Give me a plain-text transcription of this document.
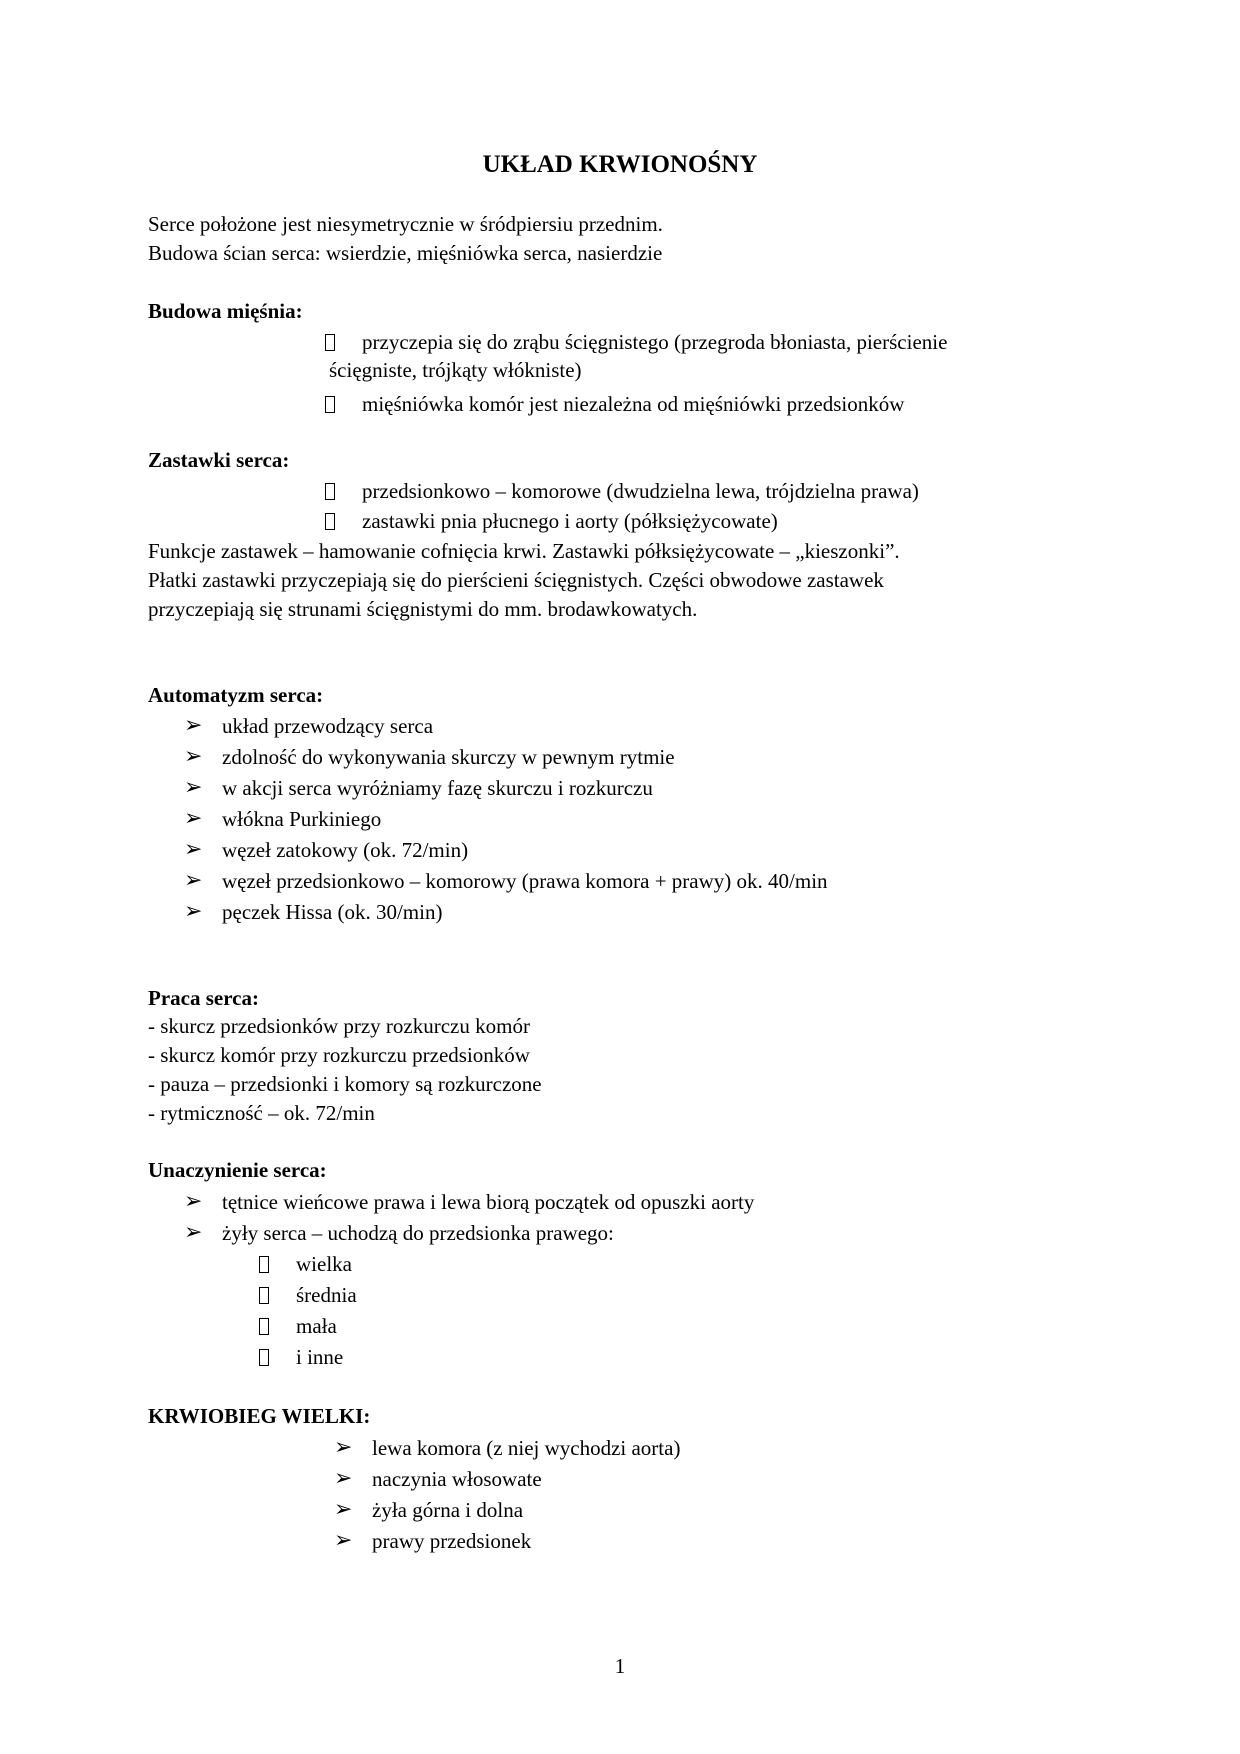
UKŁAD KRWIONOŚNY
Serce położone jest niesymetrycznie w śródpiersiu przednim.
Budowa ścian serca: wsierdzie, mięśniówka serca, nasierdzie
Budowa mięśnia:
przyczepia się do zrąbu ścięgnistego (przegroda błoniasta, pierścienie
ścięgniste, trójkąty włókniste)
mięśniówka komór jest niezależna od mięśniówki przedsionków
Zastawki serca:
przedsionkowo – komorowe (dwudzielna lewa, trójdzielna prawa)
zastawki pnia płucnego i aorty (półksiężycowate)
Funkcje zastawek – hamowanie cofnięcia krwi. Zastawki półksiężycowate – „kieszonki”.
Płatki zastawki przyczepiają się do pierścieni ścięgnistych. Części obwodowe zastawek
przyczepiają się strunami ścięgnistymi do mm. brodawkowatych.
Automatyzm serca:
➢ układ przewodzący serca
➢ zdolność do wykonywania skurczy w pewnym rytmie
➢ w akcji serca wyróżniamy fazę skurczu i rozkurczu
➢ włókna Purkiniego
➢ węzeł zatokowy (ok. 72/min)
➢ węzeł przedsionkowo – komorowy (prawa komora + prawy) ok. 40/min
➢ pęczek Hissa (ok. 30/min)
Praca serca:
- skurcz przedsionków przy rozkurczu komór
- skurcz komór przy rozkurczu przedsionków
- pauza – przedsionki i komory są rozkurczone
- rytmiczność – ok. 72/min
Unaczynienie serca:
➢ tętnice wieńcowe prawa i lewa biorą początek od opuszki aorty
➢ żyły serca – uchodzą do przedsionka prawego:
wielka
średnia
mała
i inne
KRWIOBIEG WIELKI:
➢ lewa komora (z niej wychodzi aorta)
➢ naczynia włosowate
➢ żyła górna i dolna
➢ prawy przedsionek
1
